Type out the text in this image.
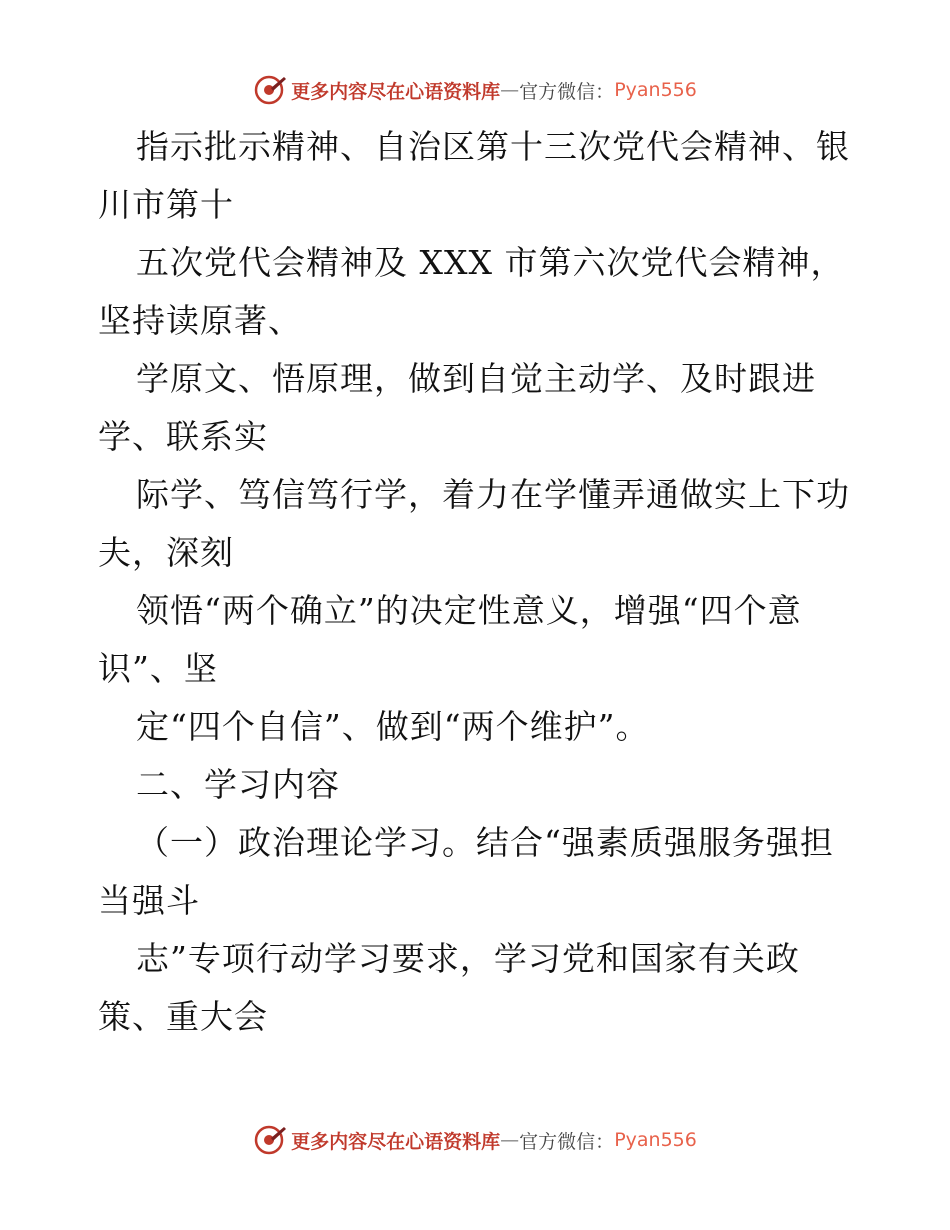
更多内容尽在心语资料库 — 官方微信： Pyan556
指示批示精神、自治区第十三次党代会精神、银
川市第十
五次党代会精神及 XXX 市第六次党代会精神，
坚持读原著、
学原文、悟原理，做到自觉主动学、及时跟进
学、联系实
际学、笃信笃行学，着力在学懂弄通做实上下功
夫，深刻
领悟“两个确立”的决定性意义，增强“四个意
识”、坚
定“四个自信”、做到“两个维护”。
二、学习内容
（一）政治理论学习。结合“强素质强服务强担
当强斗
志”专项行动学习要求，学习党和国家有关政
策、重大会
更多内容尽在心语资料库 — 官方微信： Pyan556
